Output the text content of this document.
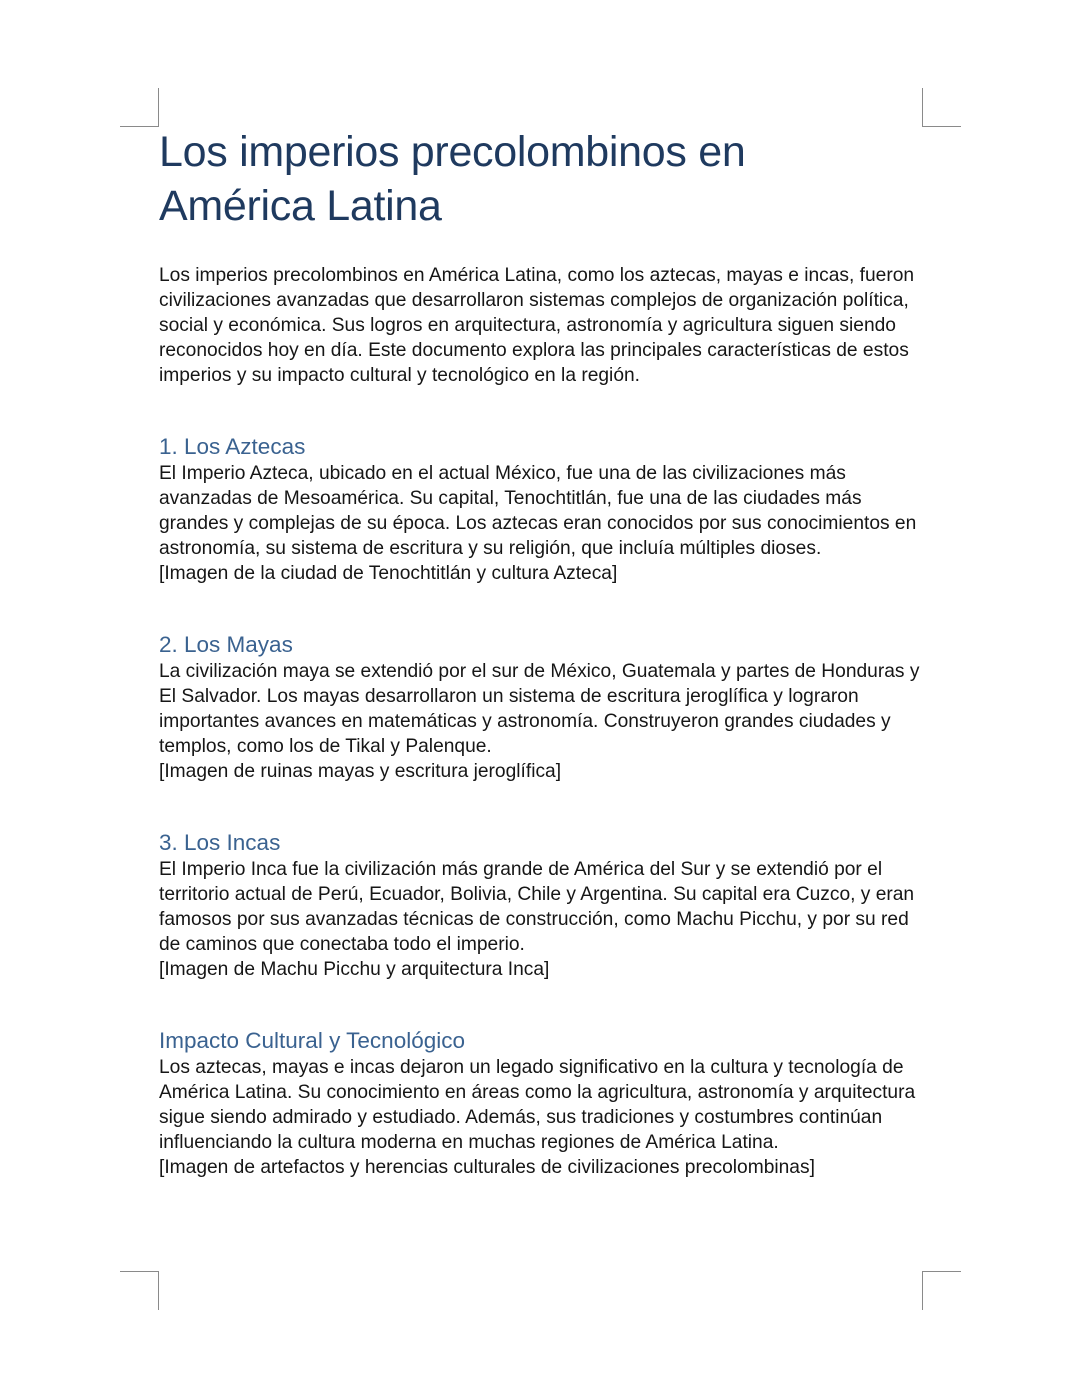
Los imperios precolombinos en
América Latina

Los imperios precolombinos en América Latina, como los aztecas, mayas e incas, fueron civilizaciones avanzadas que desarrollaron sistemas complejos de organización política, social y económica. Sus logros en arquitectura, astronomía y agricultura siguen siendo reconocidos hoy en día. Este documento explora las principales características de estos imperios y su impacto cultural y tecnológico en la región.

1. Los Aztecas

El Imperio Azteca, ubicado en el actual México, fue una de las civilizaciones más avanzadas de Mesoamérica. Su capital, Tenochtitlán, fue una de las ciudades más grandes y complejas de su época. Los aztecas eran conocidos por sus conocimientos en astronomía, su sistema de escritura y su religión, que incluía múltiples dioses.

[Imagen de la ciudad de Tenochtitlán y cultura Azteca]

2. Los Mayas

La civilización maya se extendió por el sur de México, Guatemala y partes de Honduras y El Salvador. Los mayas desarrollaron un sistema de escritura jeroglífica y lograron importantes avances en matemáticas y astronomía. Construyeron grandes ciudades y templos, como los de Tikal y Palenque.

[Imagen de ruinas mayas y escritura jeroglífica]

3. Los Incas

El Imperio Inca fue la civilización más grande de América del Sur y se extendió por el territorio actual de Perú, Ecuador, Bolivia, Chile y Argentina. Su capital era Cuzco, y eran famosos por sus avanzadas técnicas de construcción, como Machu Picchu, y por su red de caminos que conectaba todo el imperio.

[Imagen de Machu Picchu y arquitectura Inca]

Impacto Cultural y Tecnológico

Los aztecas, mayas e incas dejaron un legado significativo en la cultura y tecnología de América Latina. Su conocimiento en áreas como la agricultura, astronomía y arquitectura sigue siendo admirado y estudiado. Además, sus tradiciones y costumbres continúan influenciando la cultura moderna en muchas regiones de América Latina.

[Imagen de artefactos y herencias culturales de civilizaciones precolombinas]
